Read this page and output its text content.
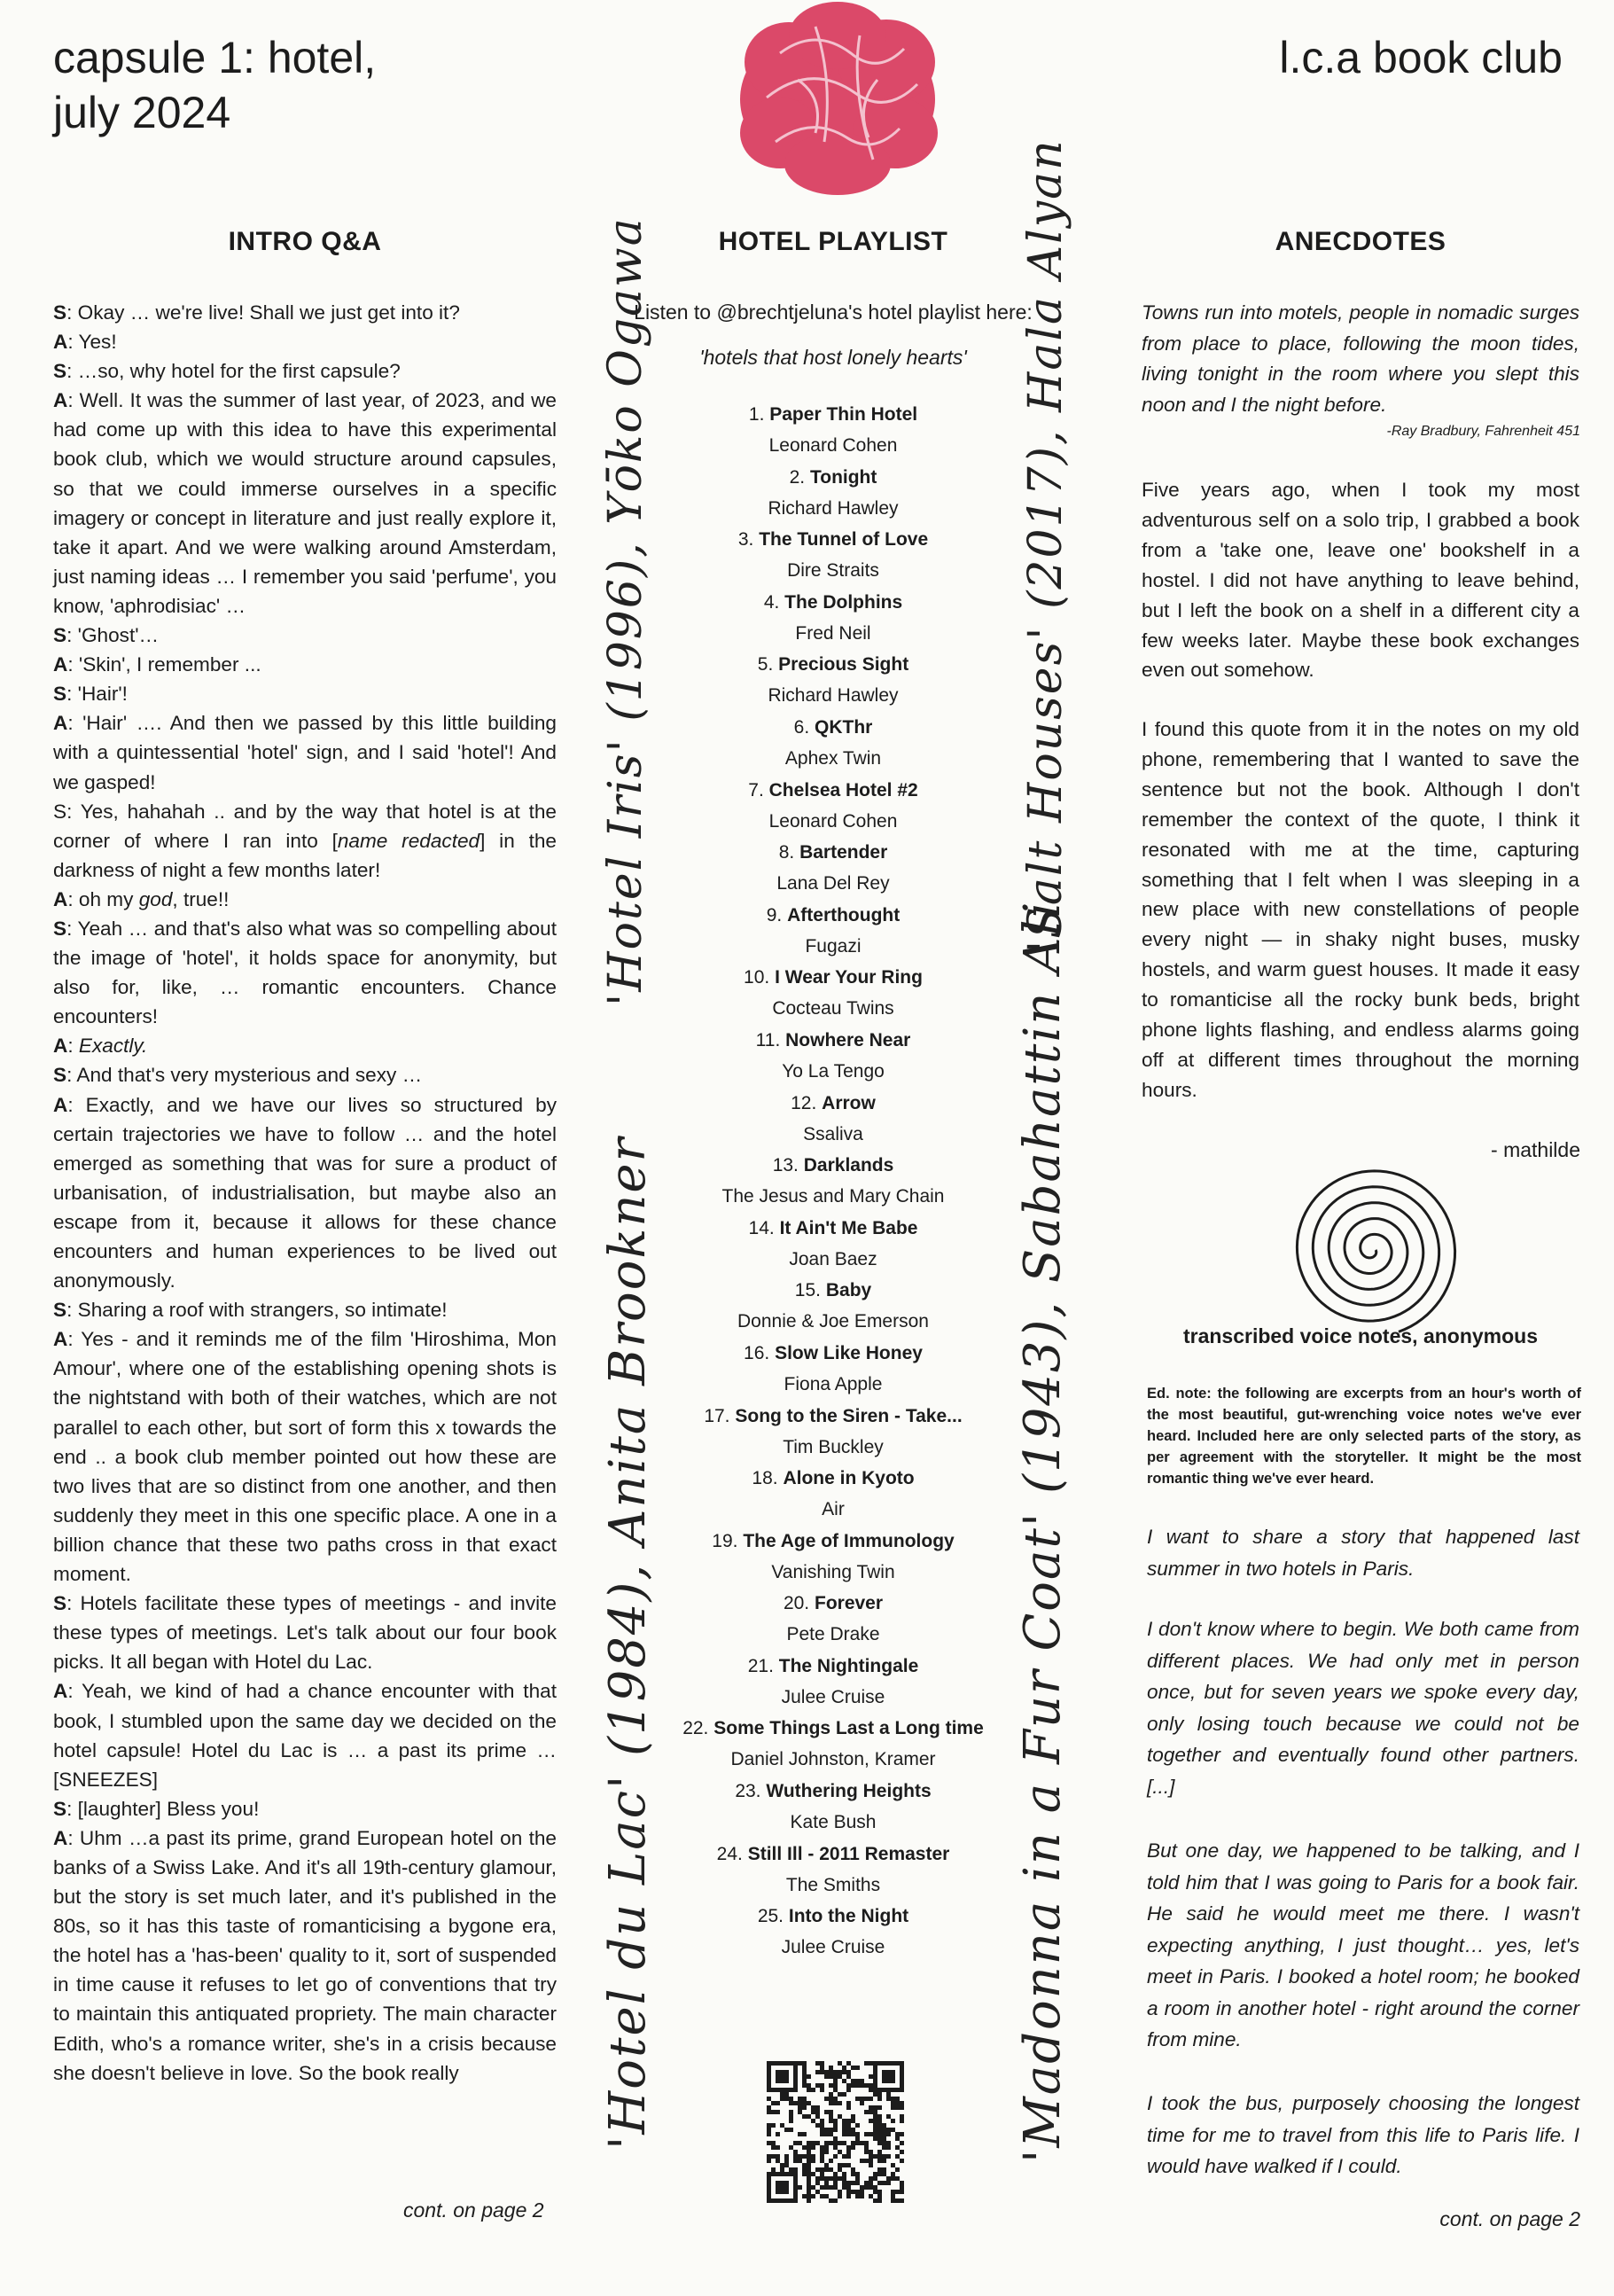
capsule 1: hotel,
july 2024
l.c.a book club
INTRO Q&A

S: Okay … we're live! Shall we just get into it?

A: Yes!

S: …so, why hotel for the first capsule?

A: Well. It was the summer of last year, of 2023, and we had come up with this idea to have this experimental book club, which we would structure around capsules, so that we could immerse ourselves in a specific imagery or concept in literature and just really explore it, take it apart. And we were walking around Amsterdam, just naming ideas … I remember you said 'perfume', you know, 'aphrodisiac' …

S: 'Ghost'…

A: 'Skin', I remember ...

S: 'Hair'!

A: 'Hair' …. And then we passed by this little building with a quintessential 'hotel' sign, and I said 'hotel'! And we gasped!

S: Yes, hahahah .. and by the way that hotel is at the corner of where I ran into [name redacted] in the darkness of night a few months later!

A: oh my god, true!!

S: Yeah … and that's also what was so compelling about the image of 'hotel', it holds space for anonymity, but also for, like, … romantic encounters. Chance encounters!

A: Exactly.

S: And that's very mysterious and sexy …

A: Exactly, and we have our lives so structured by certain trajectories we have to follow … and the hotel emerged as something that was for sure a product of urbanisation, of industrialisation, but maybe also an escape from it, because it allows for these chance encounters and human experiences to be lived out anonymously.

S: Sharing a roof with strangers, so intimate!

A: Yes - and it reminds me of the film 'Hiroshima, Mon Amour', where one of the establishing opening shots is the nightstand with both of their watches, which are not parallel to each other, but sort of form this x towards the end .. a book club member pointed out how these are two lives that are so distinct from one another, and then suddenly they meet in this one specific place. A one in a billion chance that these two paths cross in that exact moment.

S: Hotels facilitate these types of meetings - and invite these types of meetings. Let's talk about our four book picks. It all began with Hotel du Lac.

A: Yeah, we kind of had a chance encounter with that book, I stumbled upon the same day we decided on the hotel capsule! Hotel du Lac is … a past its prime … [SNEEZES]

S: [laughter] Bless you!

A: Uhm …a past its prime, grand European hotel on the banks of a Swiss Lake. And it's all 19th-century glamour, but the story is set much later, and it's published in the 80s, so it has this taste of romanticising a bygone era, the hotel has a 'has-been' quality to it, sort of suspended in time cause it refuses to let go of conventions that try to maintain this antiquated propriety. The main character Edith, who's a romance writer, she's in a crisis because she doesn't believe in love. So the book really

cont. on page 2
HOTEL PLAYLIST
Listen to @brechtjeluna's hotel playlist here:
'hotels that host lonely hearts'
1. Paper Thin Hotel
Leonard Cohen
2. Tonight
Richard Hawley
3. The Tunnel of Love
Dire Straits
4. The Dolphins
Fred Neil
5. Precious Sight
Richard Hawley
6. QKThr
Aphex Twin
7. Chelsea Hotel #2
Leonard Cohen
8. Bartender
Lana Del Rey
9. Afterthought
Fugazi
10. I Wear Your Ring
Cocteau Twins
11. Nowhere Near
Yo La Tengo
12. Arrow
Ssaliva
13. Darklands
The Jesus and Mary Chain
14. It Ain't Me Babe
Joan Baez
15. Baby
Donnie & Joe Emerson
16. Slow Like Honey
Fiona Apple
17. Song to the Siren - Take...
Tim Buckley
18. Alone in Kyoto
Air
19. The Age of Immunology
Vanishing Twin
20. Forever
Pete Drake
21. The Nightingale
Julee Cruise
22. Some Things Last a Long time
Daniel Johnston, Kramer
23. Wuthering Heights
Kate Bush
24. Still Ill - 2011 Remaster
The Smiths
25. Into the Night
Julee Cruise
'Hotel du Lac' (1984), Anita Brookner
'Hotel Iris' (1996), Yōko Ogawa
'Madonna in a Fur Coat' (1943), Sabahattin Ali
'Salt Houses' (2017), Hala Alyan	ANECDOTES
Towns run into motels, people in nomadic surges from place to place, following the moon tides, living tonight in the room where you slept this noon and I the night before.
-Ray Bradbury, Fahrenheit 451

Five years ago, when I took my most adventurous self on a solo trip, I grabbed a book from a 'take one, leave one' bookshelf in a hostel. I did not have anything to leave behind, but I left the book on a shelf in a different city a few weeks later. Maybe these book exchanges even out somehow.

I found this quote from it in the notes on my old phone, remembering that I wanted to save the sentence but not the book. Although I don't remember the context of the quote, I think it resonated with me at the time, capturing something that I felt when I was sleeping in a new place with new constellations of people every night — in shaky night buses, musky hostels, and warm guest houses. It made it easy to romanticise all the rocky bunk beds, bright phone lights flashing, and endless alarms going off at different times throughout the morning hours.

- mathilde
transcribed voice notes, anonymous
Ed. note: the following are excerpts from an hour's worth of the most beautiful, gut-wrenching voice notes we've ever heard. Included here are only selected parts of the story, as per agreement with the storyteller. It might be the most romantic thing we've ever heard.

I want to share a story that happened last summer in two hotels in Paris.

I don't know where to begin. We both came from different places. We had only met in person once, but for seven years we spoke every day, only losing touch because we could not be together and eventually found other partners. [...]

But one day, we happened to be talking, and I told him that I was going to Paris for a book fair. He said he would meet me there. I wasn't expecting anything, I just thought… yes, let's meet in Paris. I booked a hotel room; he booked a room in another hotel - right around the corner from mine.

I took the bus, purposely choosing the longest time for me to travel from this life to Paris life. I would have walked if I could.

cont. on page 2
